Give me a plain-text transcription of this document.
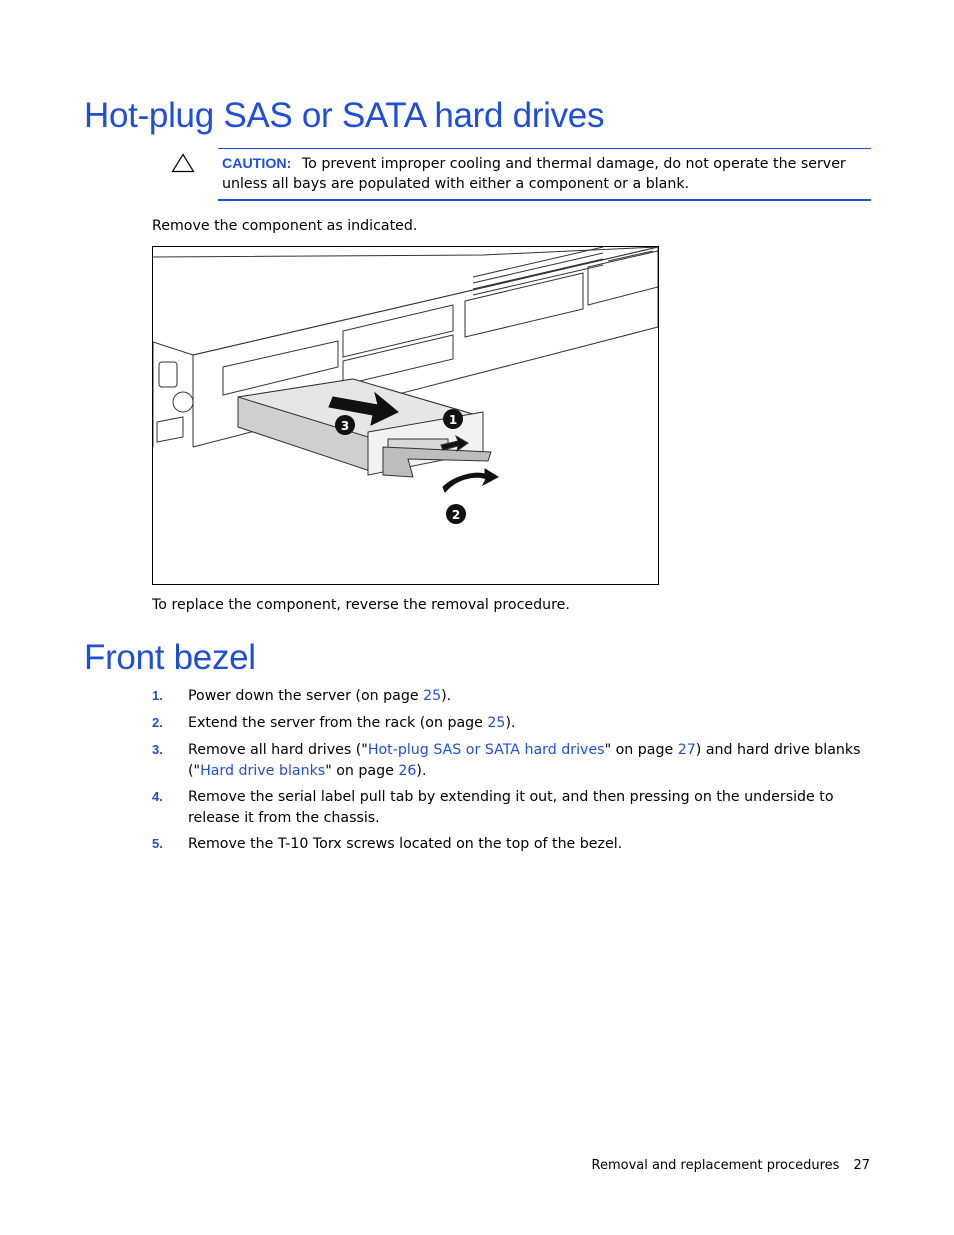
Hot-plug SAS or SATA hard drives
CAUTION: To prevent improper cooling and thermal damage, do not operate the server unless all bays are populated with either a component or a blank.
Remove the component as indicated.
1
2
3
To replace the component, reverse the removal procedure.
Front bezel
1. Power down the server (on page 25).
2. Extend the server from the rack (on page 25).
3. Remove all hard drives ("Hot-plug SAS or SATA hard drives" on page 27) and hard drive blanks ("Hard drive blanks" on page 26).
4. Remove the serial label pull tab by extending it out, and then pressing on the underside to release it from the chassis.
5. Remove the T-10 Torx screws located on the top of the bezel.
Removal and replacement procedures 27
